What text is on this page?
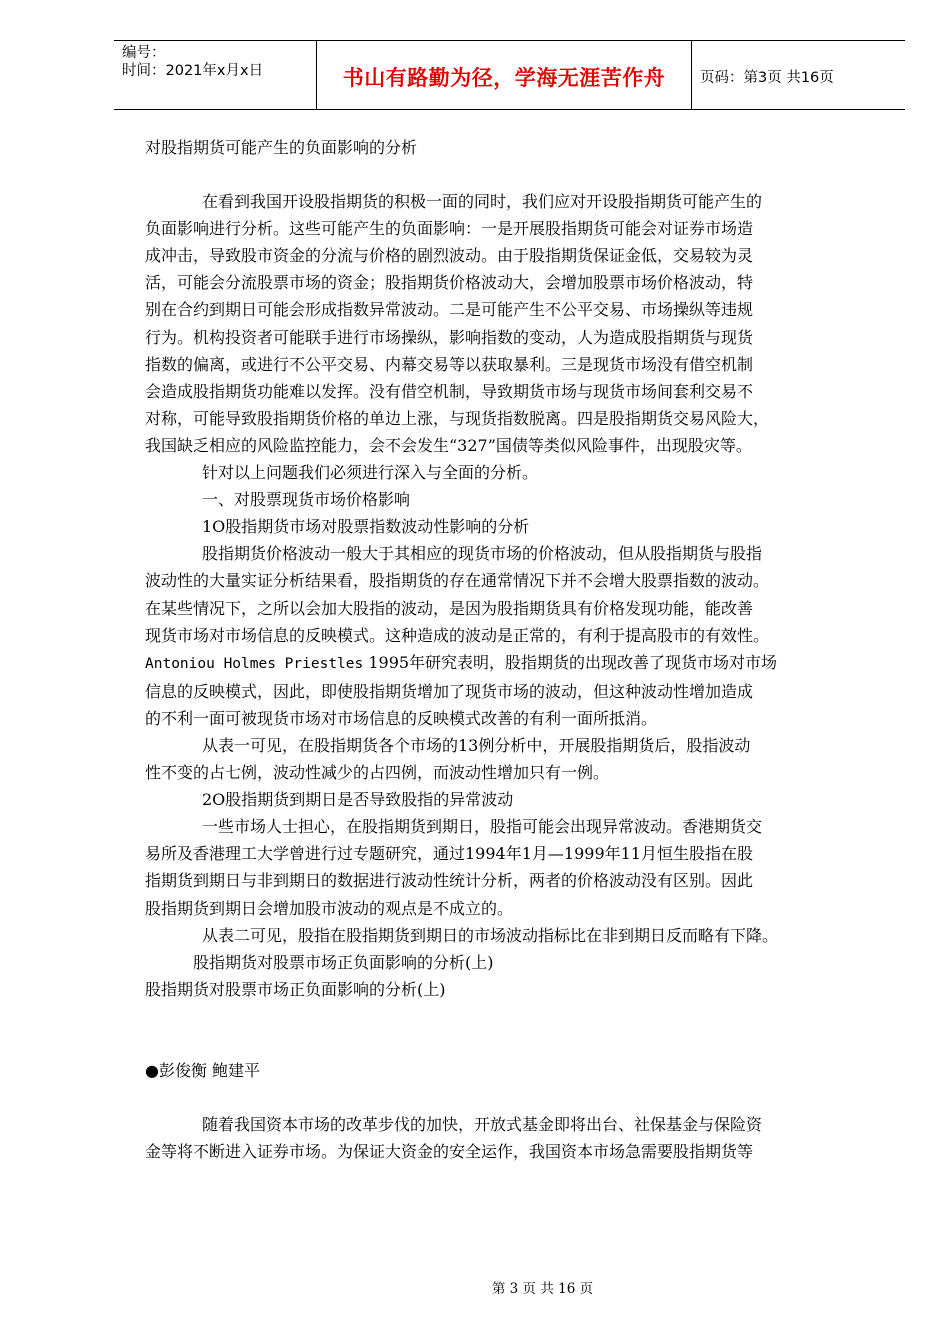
编号：
时间：2021年x月x日	书山有路勤为径，学海无涯苦作舟	页码：第3页 共16页

对股指期货可能产生的负面影响的分析

在看到我国开设股指期货的积极一面的同时，我们应对开设股指期货可能产生的

负面影响进行分析。这些可能产生的负面影响：一是开展股指期货可能会对证券市场造

成冲击，导致股市资金的分流与价格的剧烈波动。由于股指期货保证金低，交易较为灵

活，可能会分流股票市场的资金；股指期货价格波动大，会增加股票市场价格波动，特

别在合约到期日可能会形成指数异常波动。二是可能产生不公平交易、市场操纵等违规

行为。机构投资者可能联手进行市场操纵，影响指数的变动，人为造成股指期货与现货

指数的偏离，或进行不公平交易、内幕交易等以获取暴利。三是现货市场没有借空机制

会造成股指期货功能难以发挥。没有借空机制，导致期货市场与现货市场间套利交易不

对称，可能导致股指期货价格的单边上涨，与现货指数脱离。四是股指期货交易风险大，

我国缺乏相应的风险监控能力，会不会发生“327”国债等类似风险事件，出现股灾等。

针对以上问题我们必须进行深入与全面的分析。

一、对股票现货市场价格影响

1О股指期货市场对股票指数波动性影响的分析

股指期货价格波动一般大于其相应的现货市场的价格波动，但从股指期货与股指

波动性的大量实证分析结果看，股指期货的存在通常情况下并不会增大股票指数的波动。

在某些情况下，之所以会加大股指的波动，是因为股指期货具有价格发现功能，能改善

现货市场对市场信息的反映模式。这种造成的波动是正常的，有利于提高股市的有效性。

Antoniou Holmes Priestles 1995年研究表明，股指期货的出现改善了现货市场对市场

信息的反映模式，因此，即使股指期货增加了现货市场的波动，但这种波动性增加造成

的不利一面可被现货市场对市场信息的反映模式改善的有利一面所抵消。

从表一可见，在股指期货各个市场的13例分析中，开展股指期货后，股指波动

性不变的占七例，波动性减少的占四例，而波动性增加只有一例。

2О股指期货到期日是否导致股指的异常波动

一些市场人士担心，在股指期货到期日，股指可能会出现异常波动。香港期货交

易所及香港理工大学曾进行过专题研究，通过1994年1月—1999年11月恒生股指在股

指期货到期日与非到期日的数据进行波动性统计分析，两者的价格波动没有区别。因此

股指期货到期日会增加股市波动的观点是不成立的。

从表二可见，股指在股指期货到期日的市场波动指标比在非到期日反而略有下降。

股指期货对股票市场正负面影响的分析(上)

股指期货对股票市场正负面影响的分析(上)

●彭俊衡 鲍建平

随着我国资本市场的改革步伐的加快，开放式基金即将出台、社保基金与保险资

金等将不断进入证券市场。为保证大资金的安全运作，我国资本市场急需要股指期货等

第 3 页 共 16 页
